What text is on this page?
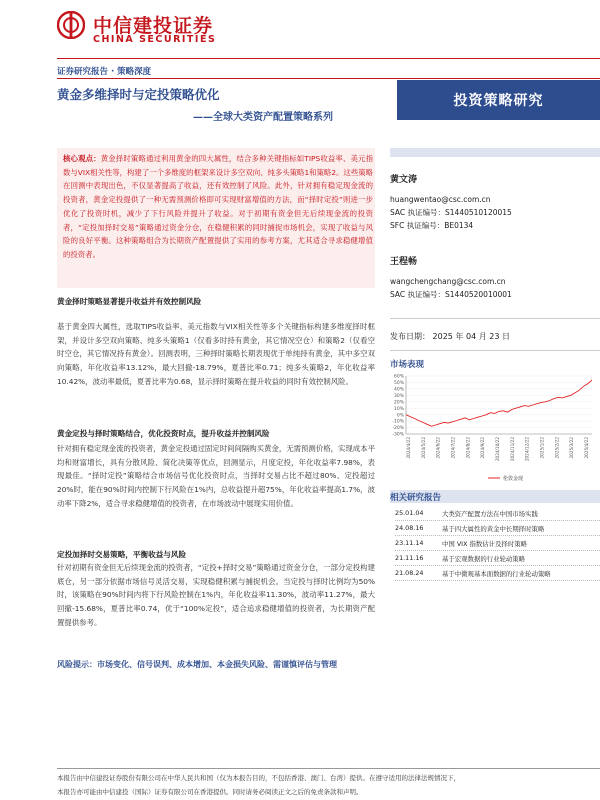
中信建投证券
CHINA SECURITIES
证券研究报告 · 策略深度
黄金多维择时与定投策略优化
——全球大类资产配置策略系列
投资策略研究
核心观点：黄金择时策略通过利用黄金的四大属性，结合多种关键指标如TIPS收益率、美元指数与VIX相关性等，构建了一个多维度的框架来设计多空双向、纯多头策略1和策略2。这些策略在回测中表现出色，不仅显著提高了收益，还有效控制了风险。此外，针对拥有稳定现金流的投资者，黄金定投提供了一种无需预测价格即可实现财富增值的方法，而“择时定投”则进一步优化了投资时机，减少了下行风险并提升了收益。对于初期有资金但无后续现金流的投资者，“定投加择时交易”策略通过资金分仓，在稳健积累的同时捕捉市场机会，实现了收益与风险的良好平衡。这种策略组合为长期资产配置提供了实用的参考方案，尤其适合寻求稳健增值的投资者。
黄金择时策略显著提升收益并有效控制风险
基于黄金四大属性，选取TIPS收益率、美元指数与VIX相关性等多个关键指标构建多维度择时框架，并设计多空双向策略、纯多头策略1（仅看多时持有黄金，其它情况空仓）和策略2（仅看空时空仓，其它情况持有黄金）。回测表明，三种择时策略长期表现优于单纯持有黄金，其中多空双向策略，年化收益率13.12%，最大回撤-18.79%，夏普比率0.71；纯多头策略2，年化收益率10.42%，波动率最低，夏普比率为0.68，显示择时策略在提升收益的同时有效控制风险。
黄金定投与择时策略结合，优化投资时点，提升收益并控制风险
针对拥有稳定现金流的投资者，黄金定投通过固定时间间隔购买黄金，无需预测价格，实现成本平均和财富增长，具有分散风险、简化决策等优点，回测显示，月度定投，年化收益率7.98%，表现最佳。“择时定投”策略结合市场信号优化投资时点，当择时交易占比不超过80%、定投超过20%时，能在90%时间内控制下行风险在1%内，总收益提升超75%，年化收益率提高1.7%，波动率下降2%，适合寻求稳健增值的投资者，在市场波动中展现实用价值。
定投加择时交易策略，平衡收益与风险
针对初期有资金但无后续现金流的投资者，“定投+择时交易”策略通过资金分仓，一部分定投构建底仓，另一部分依据市场信号灵活交易，实现稳健积累与捕捉机会。当定投与择时比例均为50%时，该策略在90%时间内将下行风险控制在1%内，年化收益率11.30%，波动率11.27%，最大回撤-15.68%，夏普比率0.74，优于“100%定投”，适合追求稳健增值的投资者，为长期资产配置提供参考。
风险提示：市场变化、信号误判、成本增加、本金损失风险、需谨慎评估与管理
黄文涛
huangwentao@csc.com.cn
SAC 执证编号：S1440510120015
SFC 执证编号：BE0134
王程畅
wangchengchang@csc.com.cn
SAC 执证编号：S1440520010001
发布日期： 2025 年 04 月 23 日
市场表现
-30%
-20%
-10%
0%
10%
20%
30%
40%
50%
60%
2024/4/22 2024/5/22 2024/6/22 2024/7/22 2024/8/22 2024/9/22 2024/10/22 2024/11/22 2024/12/22 2025/1/22 2025/2/22 2025/3/22 2025/4/22
伦敦金现
相关研究报告
25.01.04	大类资产配置方法在中国市场实践
24.08.16	基于四大属性的黄金中长期择时策略
23.11.14	中国 VIX 指数估计及择时策略
21.11.16	基于宏观数据的行业轮动策略
21.08.24	基于中微观基本面数据的行业轮动策略
本报告由中信建投证券股份有限公司在中华人民共和国（仅为本报告目的，不包括香港、澳门、台湾）提供。在遵守适用的法律法规情况下，
本报告亦可能由中信建投（国际）证券有限公司在香港提供。同时请务必阅读正文之后的免责条款和声明。
